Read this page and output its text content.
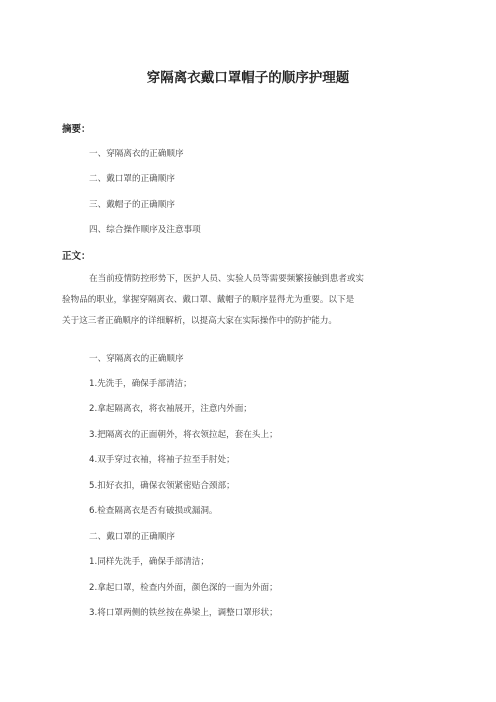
穿隔离衣戴口罩帽子的顺序护理题

摘要：

一、穿隔离衣的正确顺序

二、戴口罩的正确顺序

三、戴帽子的正确顺序

四、综合操作顺序及注意事项

正文：

在当前疫情防控形势下，医护人员、实验人员等需要频繁接触到患者或实

验物品的职业，掌握穿隔离衣、戴口罩、戴帽子的顺序显得尤为重要。以下是

关于这三者正确顺序的详细解析，以提高大家在实际操作中的防护能力。

一、穿隔离衣的正确顺序

1.先洗手，确保手部清洁；

2.拿起隔离衣，将衣袖展开，注意内外面；

3.把隔离衣的正面朝外，将衣领拉起，套在头上；

4.双手穿过衣袖，将袖子拉至手肘处；

5.扣好衣扣，确保衣领紧密贴合颈部；

6.检查隔离衣是否有破损或漏洞。

二、戴口罩的正确顺序

1.同样先洗手，确保手部清洁；

2.拿起口罩，检查内外面，颜色深的一面为外面；

3.将口罩两侧的铁丝按在鼻梁上，调整口罩形状；
